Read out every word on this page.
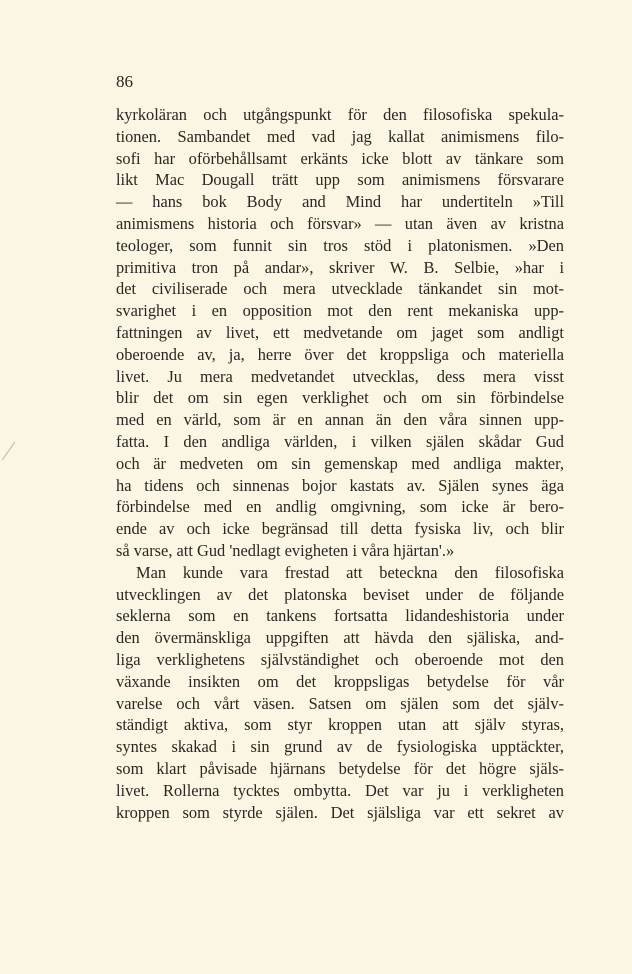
86
kyrkoläran och utgångspunkt för den filosofiska spekula-
tionen. Sambandet med vad jag kallat animismens filo-
sofi har oförbehållsamt erkänts icke blott av tänkare som
likt Mac Dougall trätt upp som animismens försvarare
— hans bok Body and Mind har undertiteln »Till
animismens historia och försvar» — utan även av kristna
teologer, som funnit sin tros stöd i platonismen. »Den
primitiva tron på andar», skriver W. B. Selbie, »har i
det civiliserade och mera utvecklade tänkandet sin mot-
svarighet i en opposition mot den rent mekaniska upp-
fattningen av livet, ett medvetande om jaget som andligt
oberoende av, ja, herre över det kroppsliga och materiella
livet. Ju mera medvetandet utvecklas, dess mera visst
blir det om sin egen verklighet och om sin förbindelse
med en värld, som är en annan än den våra sinnen upp-
fatta. I den andliga världen, i vilken själen skådar Gud
och är medveten om sin gemenskap med andliga makter,
ha tidens och sinnenas bojor kastats av. Själen synes äga
förbindelse med en andlig omgivning, som icke är bero-
ende av och icke begränsad till detta fysiska liv, och blir
så varse, att Gud 'nedlagt evigheten i våra hjärtan'.»
Man kunde vara frestad att beteckna den filosofiska
utvecklingen av det platonska beviset under de följande
seklerna som en tankens fortsatta lidandeshistoria under
den övermänskliga uppgiften att hävda den själiska, and-
liga verklighetens självständighet och oberoende mot den
växande insikten om det kroppsligas betydelse för vår
varelse och vårt väsen. Satsen om själen som det själv-
ständigt aktiva, som styr kroppen utan att själv styras,
syntes skakad i sin grund av de fysiologiska upptäckter,
som klart påvisade hjärnans betydelse för det högre själs-
livet. Rollerna tycktes ombytta. Det var ju i verkligheten
kroppen som styrde själen. Det själsliga var ett sekret av
